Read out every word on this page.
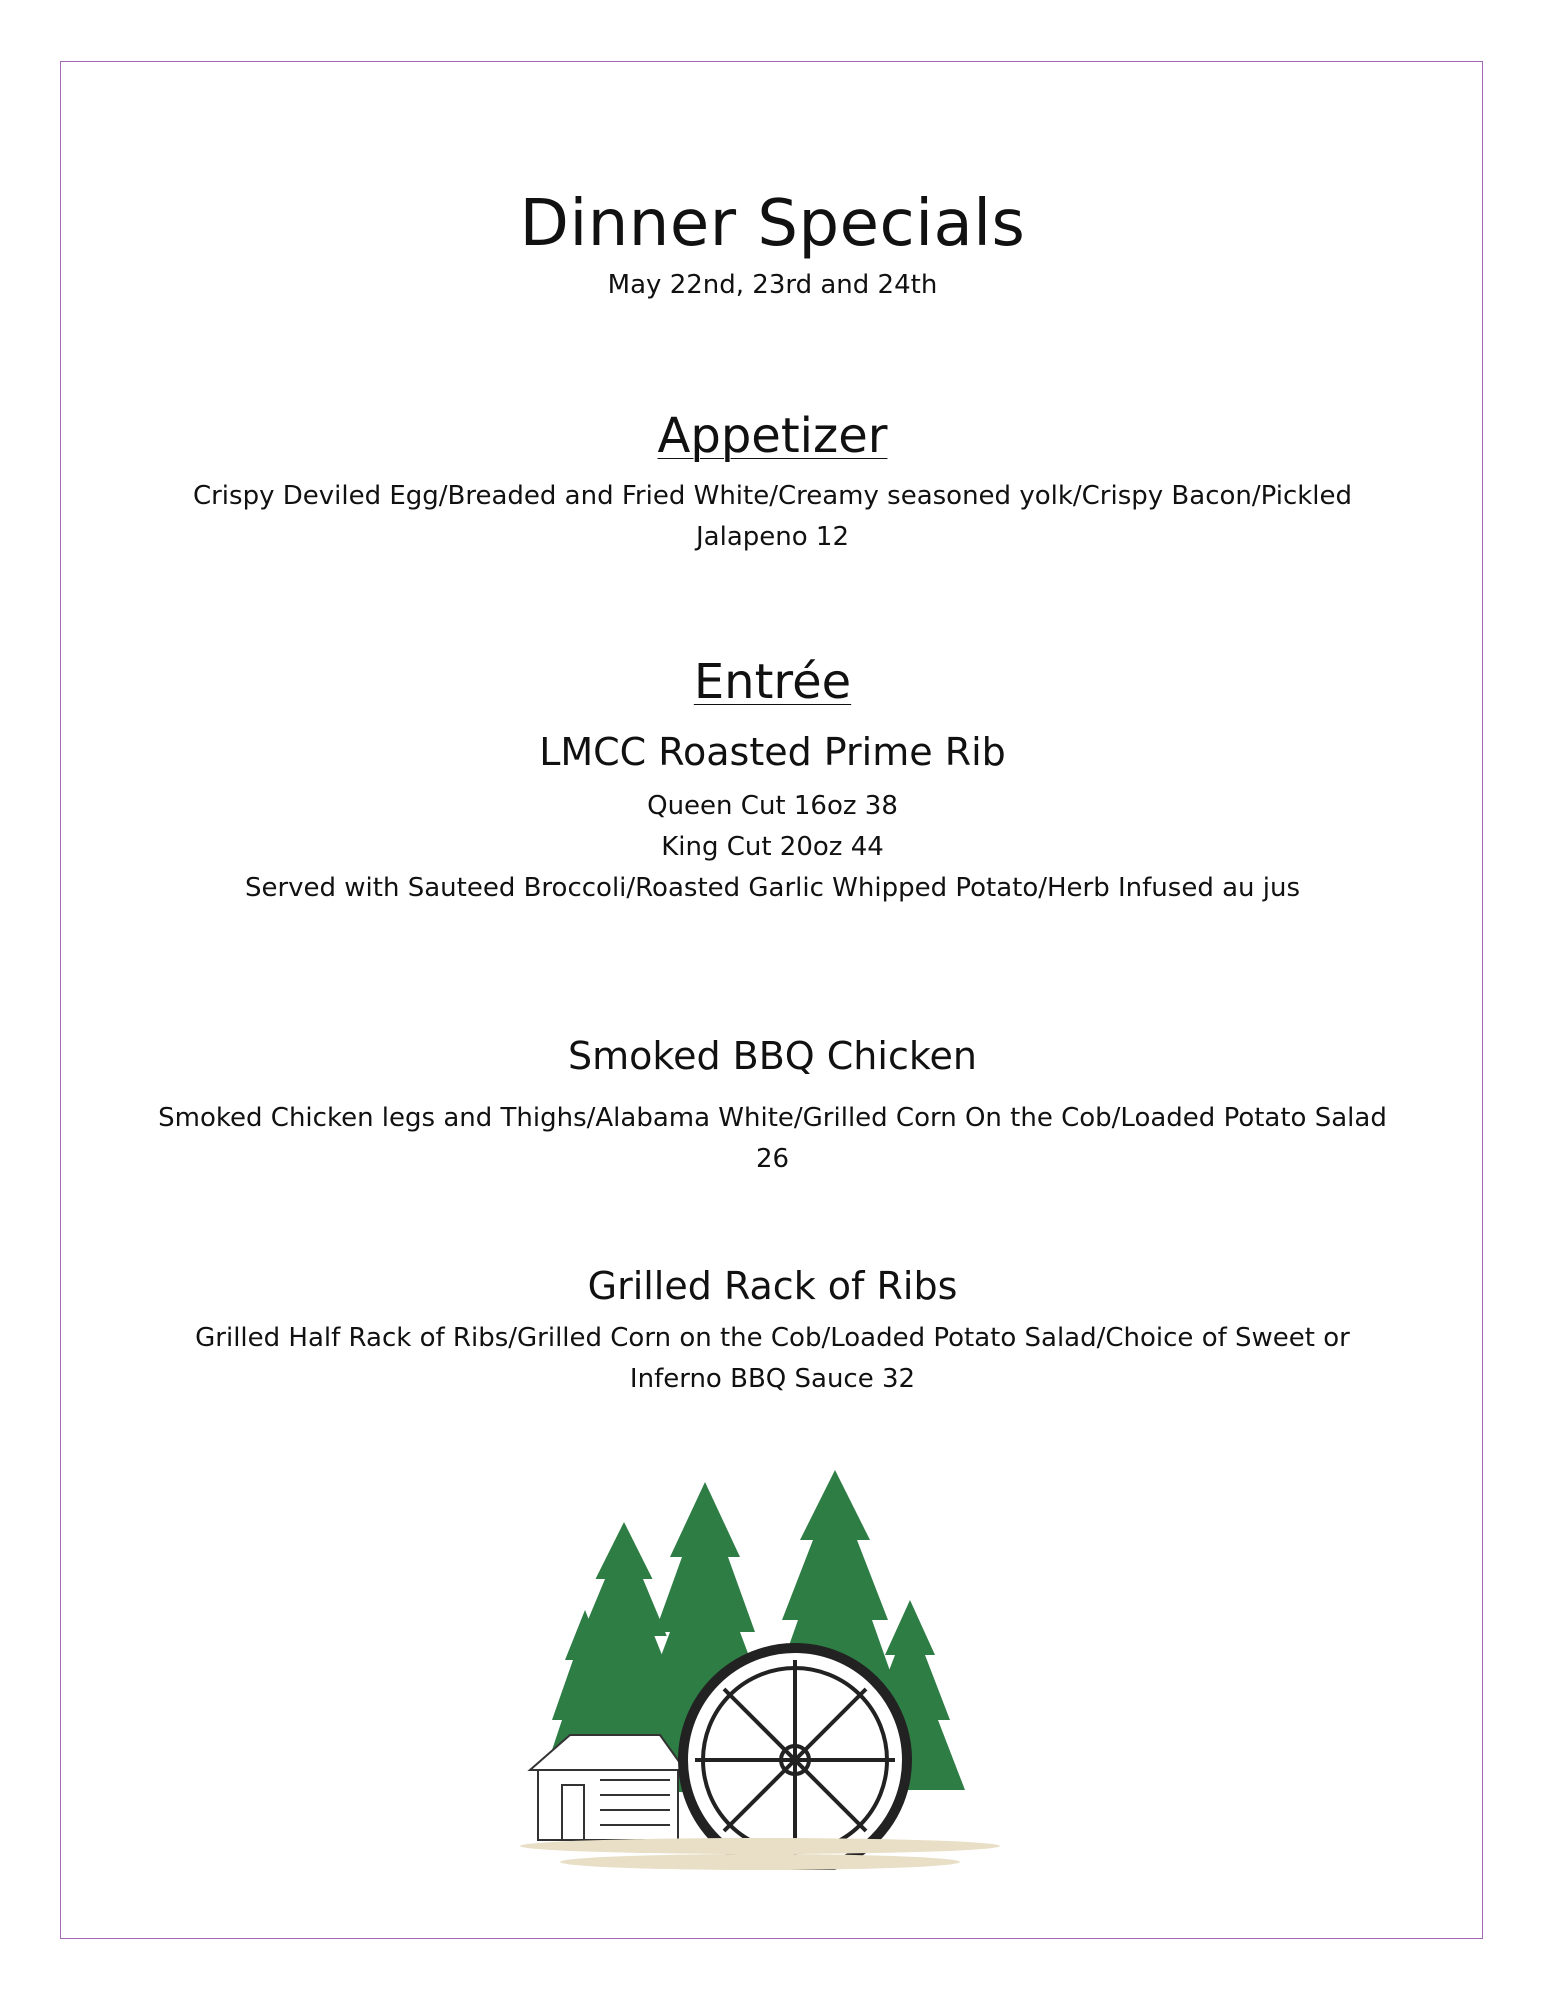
Dinner Specials
May 22nd, 23rd and 24th
Appetizer
Crispy Deviled Egg/Breaded and Fried White/Creamy seasoned yolk/Crispy Bacon/Pickled
Jalapeno 12
Entrée
LMCC Roasted Prime Rib
Queen Cut 16oz 38
King Cut 20oz 44
Served with Sauteed Broccoli/Roasted Garlic Whipped Potato/Herb Infused au jus
Smoked BBQ Chicken
Smoked Chicken legs and Thighs/Alabama White/Grilled Corn On the Cob/Loaded Potato Salad
26
Grilled Rack of Ribs
Grilled Half Rack of Ribs/Grilled Corn on the Cob/Loaded Potato Salad/Choice of Sweet or
Inferno BBQ Sauce 32
